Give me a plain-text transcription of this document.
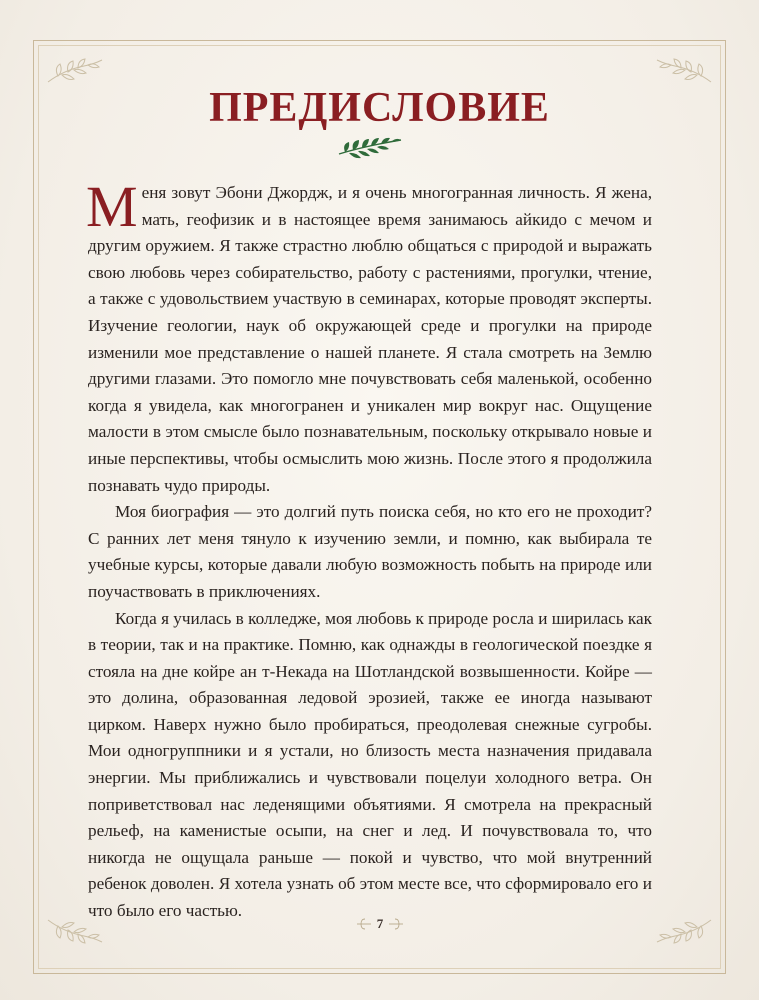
ПРЕДИСЛОВИЕ

Меня зовут Эбони Джордж, и я очень многогранная личность. Я жена, мать, геофизик и в настоящее время занимаюсь айкидо с мечом и другим оружием. Я также страстно люблю общаться с природой и выражать свою любовь через собирательство, работу с растениями, прогулки, чтение, а также с удовольствием участвую в семинарах, которые проводят эксперты. Изучение геологии, наук об окружающей среде и прогулки на природе изменили мое представление о нашей планете. Я стала смотреть на Землю другими глазами. Это помогло мне почувствовать себя маленькой, особенно когда я увидела, как многогранен и уникален мир вокруг нас. Ощущение малости в этом смысле было познавательным, поскольку открывало новые и иные перспективы, чтобы осмыслить мою жизнь. После этого я продолжила познавать чудо природы.

Моя биография — это долгий путь поиска себя, но кто его не проходит? С ранних лет меня тянуло к изучению земли, и помню, как выбирала те учебные курсы, которые давали любую возможность побыть на природе или поучаствовать в приключениях.

Когда я училась в колледже, моя любовь к природе росла и ширилась как в теории, так и на практике. Помню, как однажды в геологической поездке я стояла на дне койре ан т-Некада на Шотландской возвышенности. Койре — это долина, образованная ледовой эрозией, также ее иногда называют цирком. Наверх нужно было пробираться, преодолевая снежные сугробы. Мои одногруппники и я устали, но близость места назначения придавала энергии. Мы приближались и чувствовали поцелуи холодного ветра. Он поприветствовал нас леденящими объятиями. Я смотрела на прекрасный рельеф, на каменистые осыпи, на снег и лед. И почувствовала то, что никогда не ощущала раньше — покой и чувство, что мой внутренний ребенок доволен. Я хотела узнать об этом месте все, что сформировало его и что было его частью.

7
